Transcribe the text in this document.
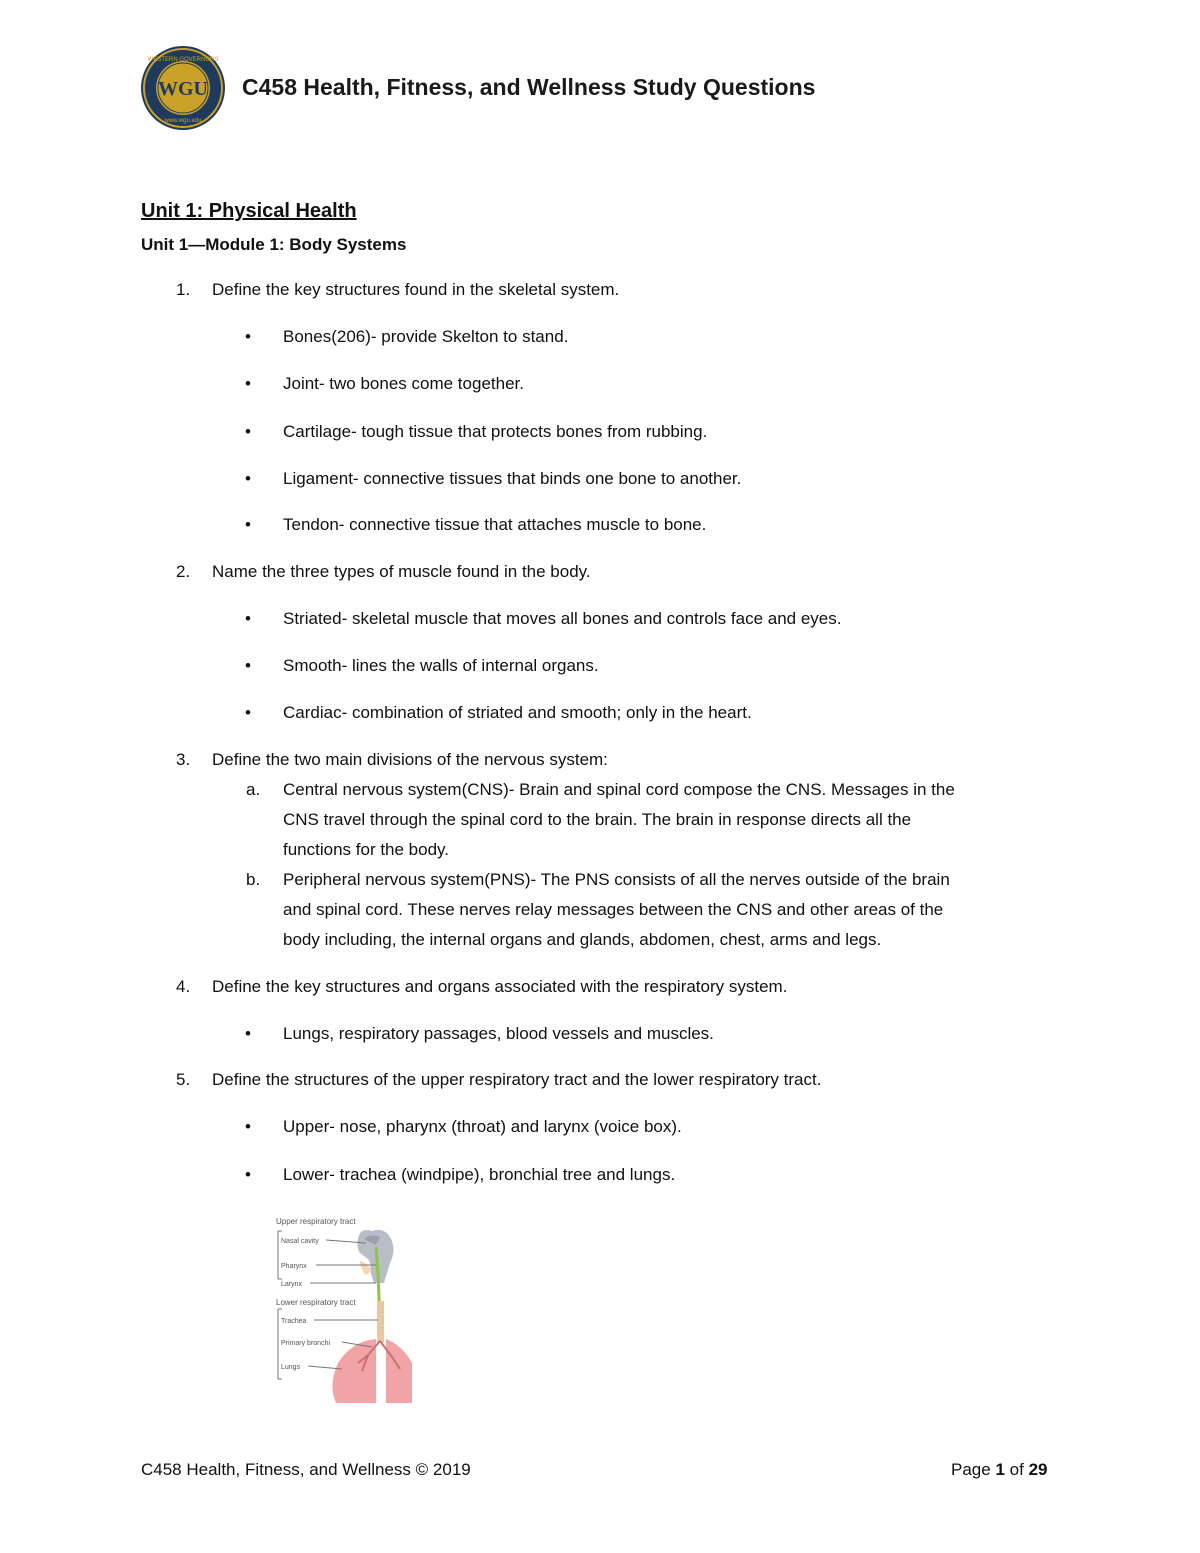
WGU
WESTERN GOVERNORS
www.wgu.edu
C458 Health, Fitness, and Wellness Study Questions
Unit 1: Physical Health
Unit 1—Module 1: Body Systems
1. Define the key structures found in the skeletal system.
• Bones(206)- provide Skelton to stand.
• Joint- two bones come together.
• Cartilage- tough tissue that protects bones from rubbing.
• Ligament- connective tissues that binds one bone to another.
• Tendon- connective tissue that attaches muscle to bone.
2. Name the three types of muscle found in the body.
• Striated- skeletal muscle that moves all bones and controls face and eyes.
• Smooth- lines the walls of internal organs.
• Cardiac- combination of striated and smooth; only in the heart.
3. Define the two main divisions of the nervous system:
a. Central nervous system(CNS)- Brain and spinal cord compose the CNS. Messages in the
CNS travel through the spinal cord to the brain. The brain in response directs all the
functions for the body.
b. Peripheral nervous system(PNS)- The PNS consists of all the nerves outside of the brain
and spinal cord. These nerves relay messages between the CNS and other areas of the
body including, the internal organs and glands, abdomen, chest, arms and legs.
4. Define the key structures and organs associated with the respiratory system.
• Lungs, respiratory passages, blood vessels and muscles.
5. Define the structures of the upper respiratory tract and the lower respiratory tract.
• Upper- nose, pharynx (throat) and larynx (voice box).
• Lower- trachea (windpipe), bronchial tree and lungs.
Upper respiratory tract
Nasal cavity
Pharynx
Larynx
Lower respiratory tract
Trachea
Primary bronchi
Lungs
C458 Health, Fitness, and Wellness © 2019	Page 1 of 29
